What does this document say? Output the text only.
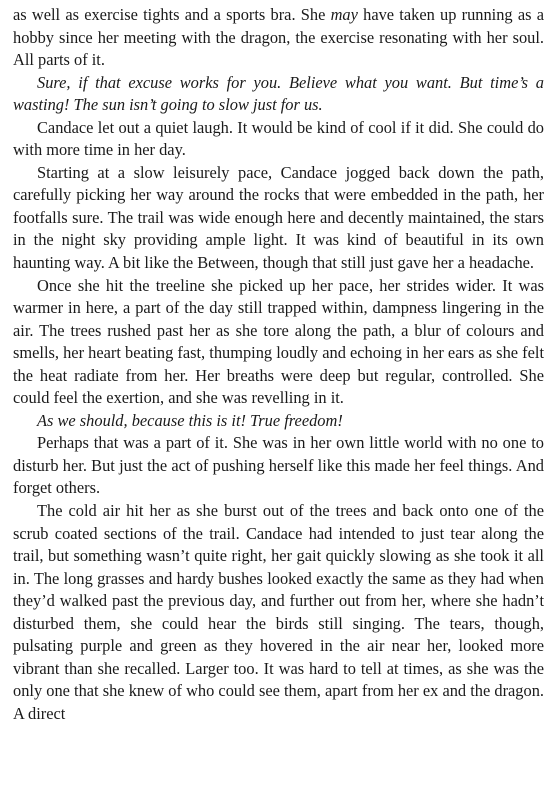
as well as exercise tights and a sports bra. She may have taken up running as a hobby since her meeting with the dragon, the exercise resonating with her soul. All parts of it.

Sure, if that excuse works for you. Believe what you want. But time’s a wasting! The sun isn’t going to slow just for us.

Candace let out a quiet laugh. It would be kind of cool if it did. She could do with more time in her day.

Starting at a slow leisurely pace, Candace jogged back down the path, carefully picking her way around the rocks that were embedded in the path, her footfalls sure. The trail was wide enough here and decently maintained, the stars in the night sky providing ample light. It was kind of beautiful in its own haunting way. A bit like the Between, though that still just gave her a headache.

Once she hit the treeline she picked up her pace, her strides wider. It was warmer in here, a part of the day still trapped within, dampness lingering in the air. The trees rushed past her as she tore along the path, a blur of colours and smells, her heart beating fast, thumping loudly and echoing in her ears as she felt the heat radiate from her. Her breaths were deep but regular, controlled. She could feel the exertion, and she was revelling in it.

As we should, because this is it! True freedom!

Perhaps that was a part of it. She was in her own little world with no one to disturb her. But just the act of pushing herself like this made her feel things. And forget others.

The cold air hit her as she burst out of the trees and back onto one of the scrub coated sections of the trail. Candace had intended to just tear along the trail, but something wasn’t quite right, her gait quickly slowing as she took it all in. The long grasses and hardy bushes looked exactly the same as they had when they’d walked past the previous day, and further out from her, where she hadn’t disturbed them, she could hear the birds still singing. The tears, though, pulsating purple and green as they hovered in the air near her, looked more vibrant than she recalled. Larger too. It was hard to tell at times, as she was the only one that she knew of who could see them, apart from her ex and the dragon. A direct
